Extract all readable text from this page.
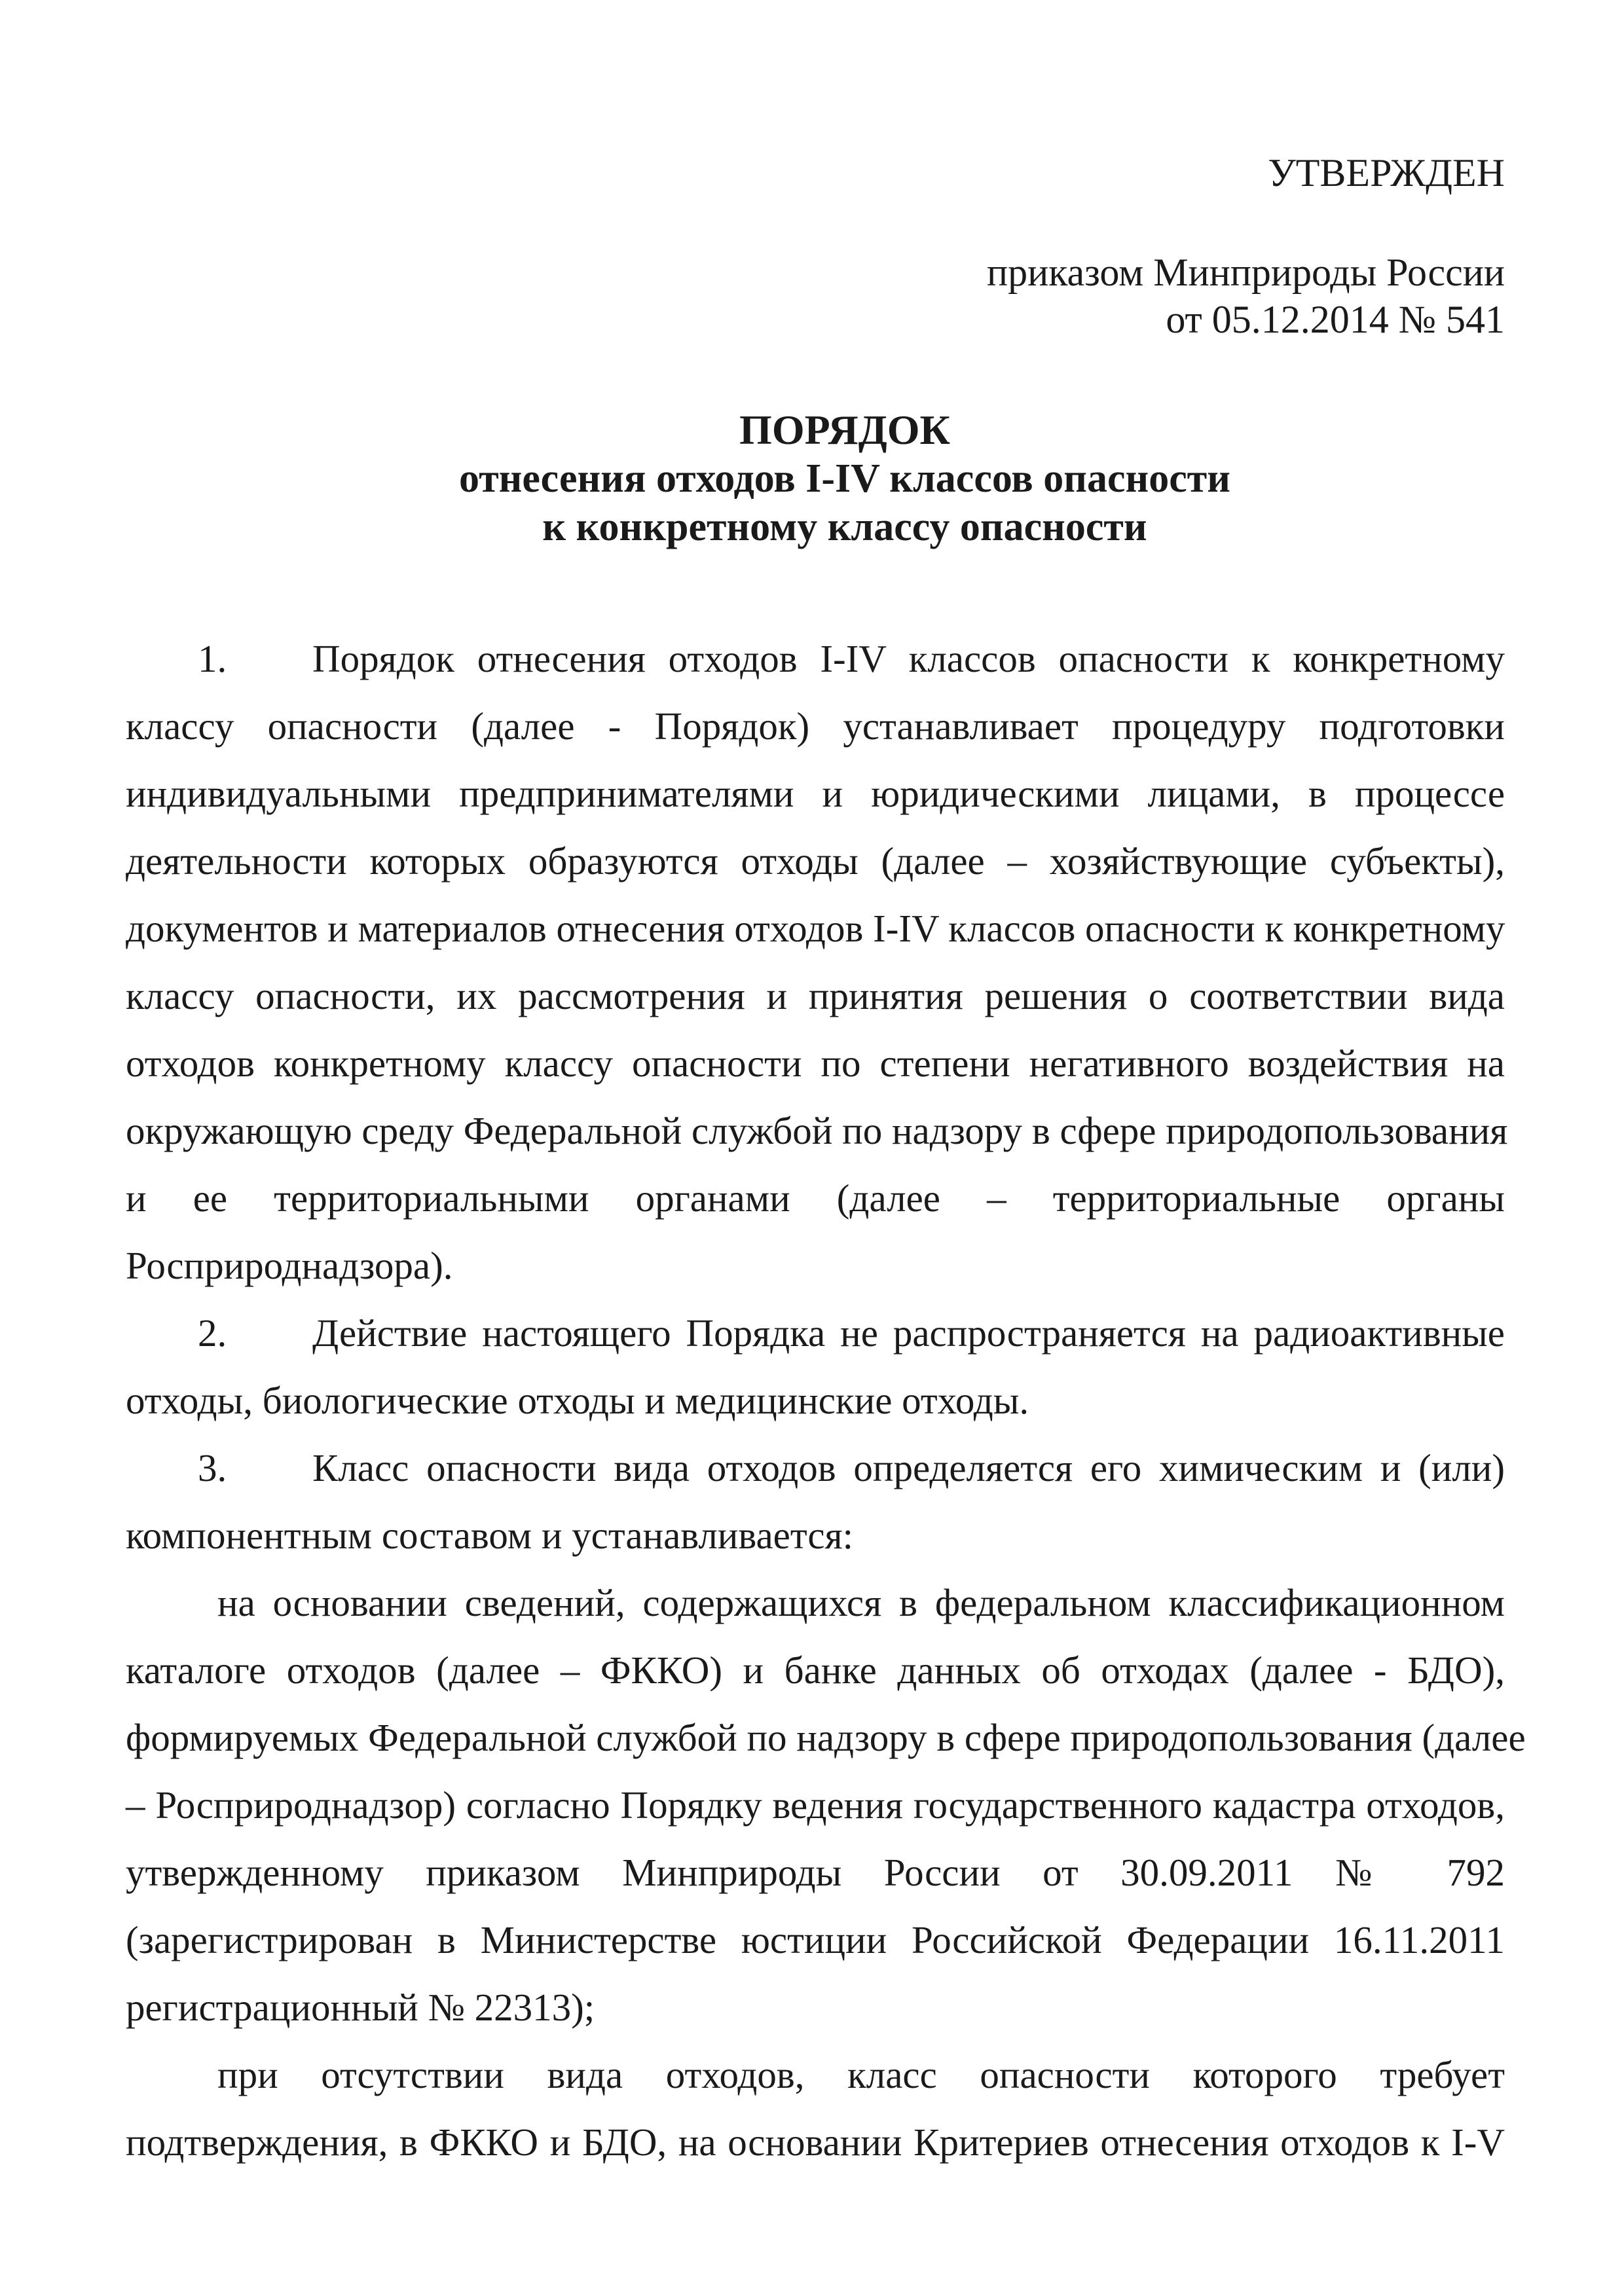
УТВЕРЖДЕН
приказом Минприроды России
от 05.12.2014 № 541
ПОРЯДОК
отнесения отходов I-IV классов опасности
к конкретному классу опасности
1. Порядок отнесения отходов I-IV классов опасности к конкретному
классу опасности (далее - Порядок) устанавливает процедуру подготовки
индивидуальными предпринимателями и юридическими лицами, в процессе
деятельности которых образуются отходы (далее – хозяйствующие субъекты),
документов и материалов отнесения отходов I-IV классов опасности к конкретному
классу опасности, их рассмотрения и принятия решения о соответствии вида
отходов конкретному классу опасности по степени негативного воздействия на
окружающую среду Федеральной службой по надзору в сфере природопользования
и ее территориальными органами (далее – территориальные органы
Росприроднадзора).
2. Действие настоящего Порядка не распространяется на радиоактивные
отходы, биологические отходы и медицинские отходы.
3. Класс опасности вида отходов определяется его химическим и (или)
компонентным составом и устанавливается:
на основании сведений, содержащихся в федеральном классификационном
каталоге отходов (далее – ФККО) и банке данных об отходах (далее - БДО),
формируемых Федеральной службой по надзору в сфере природопользования (далее
– Росприроднадзор) согласно Порядку ведения государственного кадастра отходов,
утвержденному приказом Минприроды России от 30.09.2011 № 792
(зарегистрирован в Министерстве юстиции Российской Федерации 16.11.2011
регистрационный № 22313);
при отсутствии вида отходов, класс опасности которого требует
подтверждения, в ФККО и БДО, на основании Критериев отнесения отходов к I-V
